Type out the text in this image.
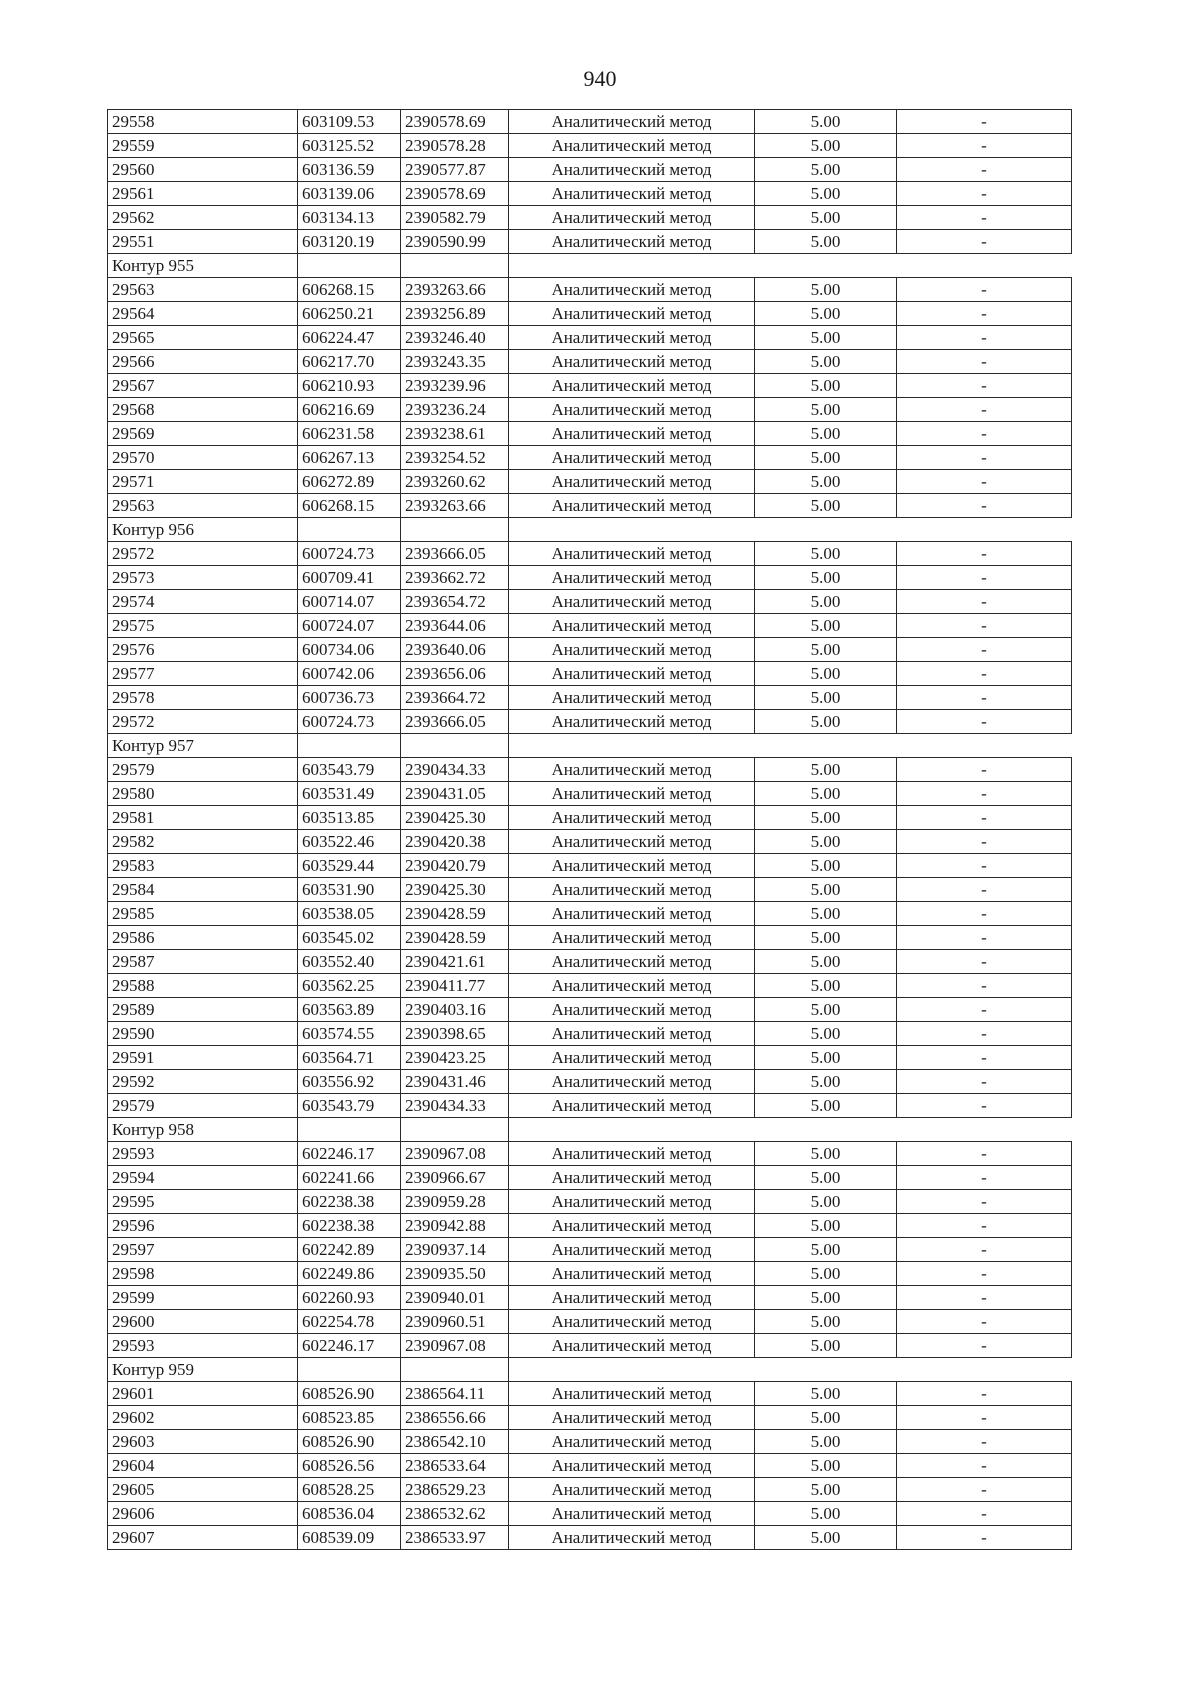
940
29558	603109.53	2390578.69	Аналитический метод	5.00	-
29559	603125.52	2390578.28	Аналитический метод	5.00	-
29560	603136.59	2390577.87	Аналитический метод	5.00	-
29561	603139.06	2390578.69	Аналитический метод	5.00	-
29562	603134.13	2390582.79	Аналитический метод	5.00	-
29551	603120.19	2390590.99	Аналитический метод	5.00	-
Контур 955					
29563	606268.15	2393263.66	Аналитический метод	5.00	-
29564	606250.21	2393256.89	Аналитический метод	5.00	-
29565	606224.47	2393246.40	Аналитический метод	5.00	-
29566	606217.70	2393243.35	Аналитический метод	5.00	-
29567	606210.93	2393239.96	Аналитический метод	5.00	-
29568	606216.69	2393236.24	Аналитический метод	5.00	-
29569	606231.58	2393238.61	Аналитический метод	5.00	-
29570	606267.13	2393254.52	Аналитический метод	5.00	-
29571	606272.89	2393260.62	Аналитический метод	5.00	-
29563	606268.15	2393263.66	Аналитический метод	5.00	-
Контур 956					
29572	600724.73	2393666.05	Аналитический метод	5.00	-
29573	600709.41	2393662.72	Аналитический метод	5.00	-
29574	600714.07	2393654.72	Аналитический метод	5.00	-
29575	600724.07	2393644.06	Аналитический метод	5.00	-
29576	600734.06	2393640.06	Аналитический метод	5.00	-
29577	600742.06	2393656.06	Аналитический метод	5.00	-
29578	600736.73	2393664.72	Аналитический метод	5.00	-
29572	600724.73	2393666.05	Аналитический метод	5.00	-
Контур 957					
29579	603543.79	2390434.33	Аналитический метод	5.00	-
29580	603531.49	2390431.05	Аналитический метод	5.00	-
29581	603513.85	2390425.30	Аналитический метод	5.00	-
29582	603522.46	2390420.38	Аналитический метод	5.00	-
29583	603529.44	2390420.79	Аналитический метод	5.00	-
29584	603531.90	2390425.30	Аналитический метод	5.00	-
29585	603538.05	2390428.59	Аналитический метод	5.00	-
29586	603545.02	2390428.59	Аналитический метод	5.00	-
29587	603552.40	2390421.61	Аналитический метод	5.00	-
29588	603562.25	2390411.77	Аналитический метод	5.00	-
29589	603563.89	2390403.16	Аналитический метод	5.00	-
29590	603574.55	2390398.65	Аналитический метод	5.00	-
29591	603564.71	2390423.25	Аналитический метод	5.00	-
29592	603556.92	2390431.46	Аналитический метод	5.00	-
29579	603543.79	2390434.33	Аналитический метод	5.00	-
Контур 958					
29593	602246.17	2390967.08	Аналитический метод	5.00	-
29594	602241.66	2390966.67	Аналитический метод	5.00	-
29595	602238.38	2390959.28	Аналитический метод	5.00	-
29596	602238.38	2390942.88	Аналитический метод	5.00	-
29597	602242.89	2390937.14	Аналитический метод	5.00	-
29598	602249.86	2390935.50	Аналитический метод	5.00	-
29599	602260.93	2390940.01	Аналитический метод	5.00	-
29600	602254.78	2390960.51	Аналитический метод	5.00	-
29593	602246.17	2390967.08	Аналитический метод	5.00	-
Контур 959					
29601	608526.90	2386564.11	Аналитический метод	5.00	-
29602	608523.85	2386556.66	Аналитический метод	5.00	-
29603	608526.90	2386542.10	Аналитический метод	5.00	-
29604	608526.56	2386533.64	Аналитический метод	5.00	-
29605	608528.25	2386529.23	Аналитический метод	5.00	-
29606	608536.04	2386532.62	Аналитический метод	5.00	-
29607	608539.09	2386533.97	Аналитический метод	5.00	-
